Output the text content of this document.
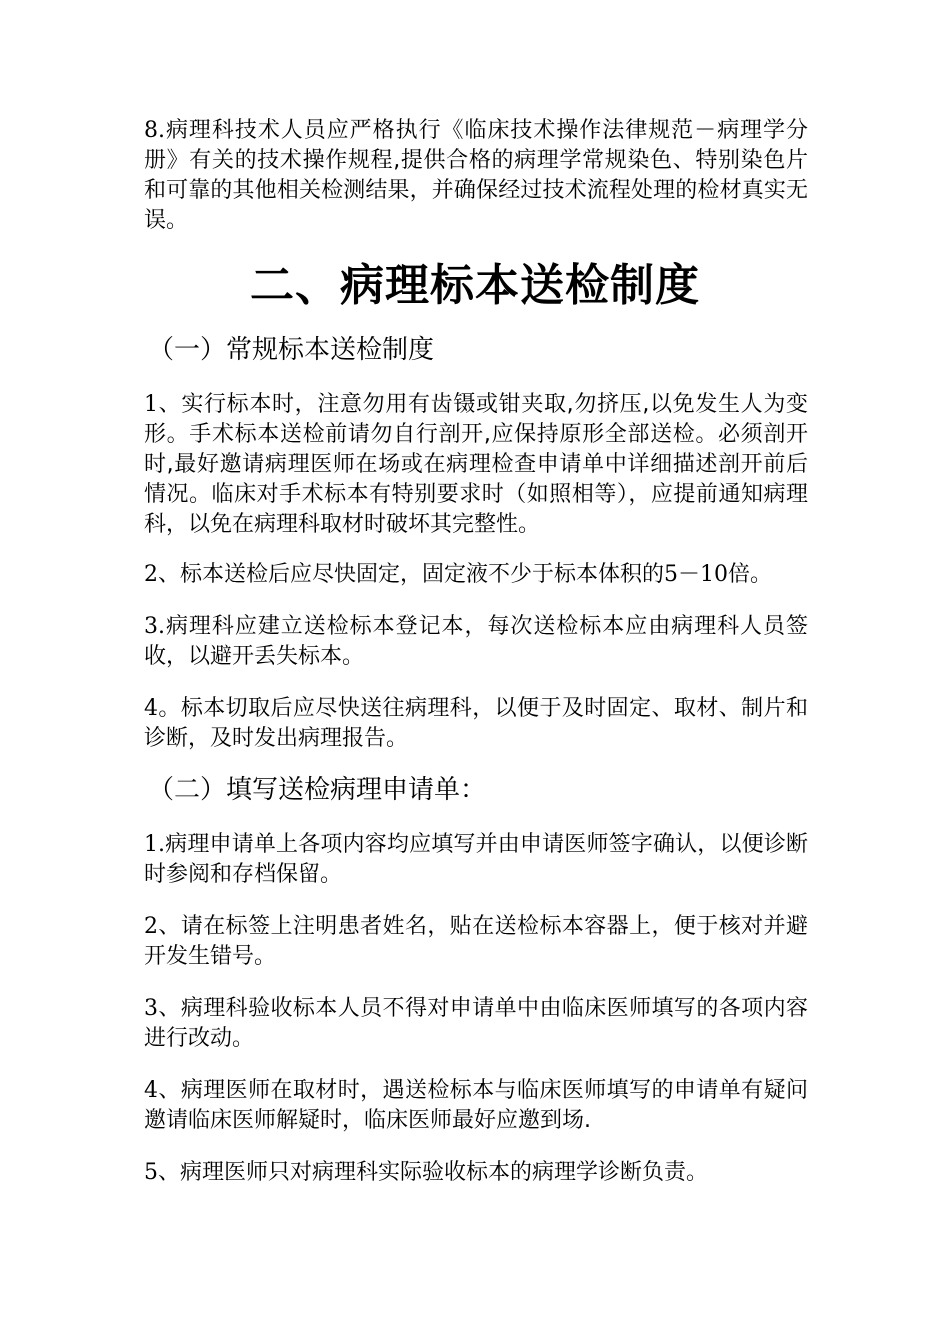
8.病理科技术人员应严格执行《临床技术操作法律规范－病理学分册》有关的技术操作规程,提供合格的病理学常规染色、特别染色片和可靠的其他相关检测结果，并确保经过技术流程处理的检材真实无误。

二、病理标本送检制度
（一）常规标本送检制度

1、实行标本时，注意勿用有齿镊或钳夹取,勿挤压,以免发生人为变形。手术标本送检前请勿自行剖开,应保持原形全部送检。必须剖开时,最好邀请病理医师在场或在病理检查申请单中详细描述剖开前后情况。临床对手术标本有特别要求时（如照相等），应提前通知病理科，以免在病理科取材时破坏其完整性。

2、标本送检后应尽快固定，固定液不少于标本体积的5－10倍。

3.病理科应建立送检标本登记本，每次送检标本应由病理科人员签收，以避开丢失标本。

4。标本切取后应尽快送往病理科，以便于及时固定、取材、制片和诊断，及时发出病理报告。

（二）填写送检病理申请单：

1.病理申请单上各项内容均应填写并由申请医师签字确认，以便诊断时参阅和存档保留。

2、请在标签上注明患者姓名，贴在送检标本容器上，便于核对并避开发生错号。

3、病理科验收标本人员不得对申请单中由临床医师填写的各项内容进行改动。

4、病理医师在取材时，遇送检标本与临床医师填写的申请单有疑问邀请临床医师解疑时，临床医师最好应邀到场.

5、病理医师只对病理科实际验收标本的病理学诊断负责。
